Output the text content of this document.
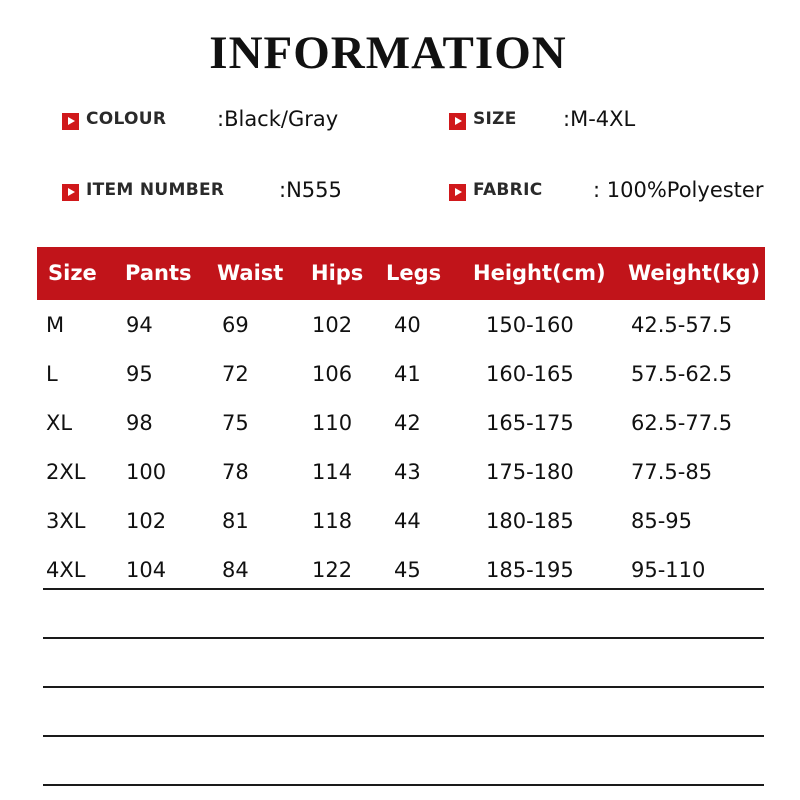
INFORMATION
COLOUR :Black/Gray	SIZE :M-4XL
ITEM NUMBER	:N555	FABRIC : 100%Polyester
Size Pants Waist Hips Legs Height(cm) Weight(kg)
M	94	69	102 40	150-160	42.5-57.5
L	95	72	106 41	160-165	57.5-62.5
XL	98	75	110 42	165-175	62.5-77.5
2XL 100	78	114 43	175-180	77.5-85
3XL 102	81	118 44	180-185	85-95
4XL 104	84	122 45	185-195	95-110
